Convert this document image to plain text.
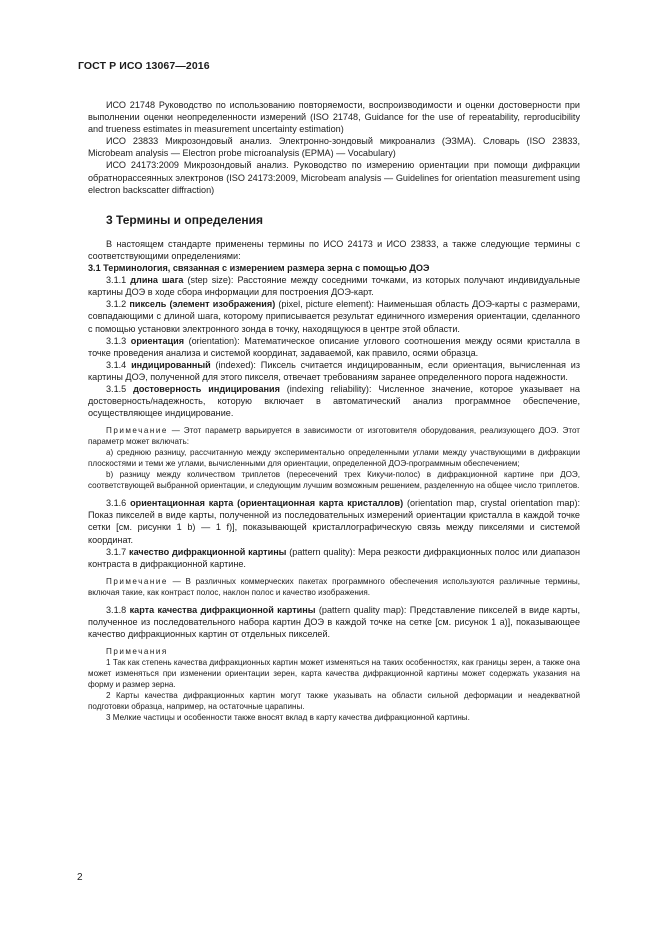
ГОСТ Р ИСО 13067—2016

ИСО 21748 Руководство по использованию повторяемости, воспроизводимости и оценки достоверности при выполнении оценки неопределенности измерений (ISO 21748, Guidance for the use of repeatability, reproducibility and trueness estimates in measurement uncertainty estimation)

ИСО 23833 Микрозондовый анализ. Электронно-зондовый микроанализ (ЭЗМА). Словарь (ISO 23833, Microbeam analysis — Electron probe microanalysis (EPMA) — Vocabulary)

ИСО 24173:2009 Микрозондовый анализ. Руководство по измерению ориентации при помощи дифракции обратнорассеянных электронов (ISO 24173:2009, Microbeam analysis — Guidelines for orientation measurement using electron backscatter diffraction)

3 Термины и определения

В настоящем стандарте применены термины по ИСО 24173 и ИСО 23833, а также следующие термины с соответствующими определениями:

3.1 Терминология, связанная с измерением размера зерна с помощью ДОЭ

3.1.1 длина шага (step size): Расстояние между соседними точками, из которых получают индивидуальные картины ДОЭ в ходе сбора информации для построения ДОЭ-карт.

3.1.2 пиксель (элемент изображения) (pixel, picture element): Наименьшая область ДОЭ-карты с размерами, совпадающими с длиной шага, которому приписывается результат единичного измерения ориентации, сделанного с помощью установки электронного зонда в точку, находящуюся в центре этой области.

3.1.3 ориентация (orientation): Математическое описание углового соотношения между осями кристалла в точке проведения анализа и системой координат, задаваемой, как правило, осями образца.

3.1.4 индицированный (indexed): Пиксель считается индицированным, если ориентация, вычисленная из картины ДОЭ, полученной для этого пикселя, отвечает требованиям заранее определенного порога надежности.

3.1.5 достоверность индицирования (indexing reliability): Численное значение, которое указывает на достоверность/надежность, которую включает в автоматический анализ программное обеспечение, осуществляющее индицирование.

Примечание — Этот параметр варьируется в зависимости от изготовителя оборудования, реализующего ДОЭ. Этот параметр может включать:

a) среднюю разницу, рассчитанную между экспериментально определенными углами между участвующими в дифракции плоскостями и теми же углами, вычисленными для ориентации, определенной ДОЭ-программным обеспечением;

b) разницу между количеством триплетов (пересечений трех Кикучи-полос) в дифракционной картине при ДОЭ, соответствующей выбранной ориентации, и следующим лучшим возможным решением, разделенную на общее число триплетов.

3.1.6 ориентационная карта (ориентационная карта кристаллов) (orientation map, crystal orientation map): Показ пикселей в виде карты, полученной из последовательных измерений ориентации кристалла в каждой точке сетки [см. рисунки 1 b) — 1 f)], показывающей кристаллографическую связь между пикселями и системой координат.

3.1.7 качество дифракционной картины (pattern quality): Мера резкости дифракционных полос или диапазон контраста в дифракционной картине.

Примечание — В различных коммерческих пакетах программного обеспечения используются различные термины, включая такие, как контраст полос, наклон полос и качество изображения.

3.1.8 карта качества дифракционной картины (pattern quality map): Представление пикселей в виде карты, полученное из последовательного набора картин ДОЭ в каждой точке на сетке [см. рисунок 1 a)], показывающее качество дифракционных картин от отдельных пикселей.

Примечания

1 Так как степень качества дифракционных картин может изменяться на таких особенностях, как границы зерен, а также она может изменяться при изменении ориентации зерен, карта качества дифракционной картины может содержать указания на форму и размер зерна.

2 Карты качества дифракционных картин могут также указывать на области сильной деформации и неадекватной подготовки образца, например, на остаточные царапины.

3 Мелкие частицы и особенности также вносят вклад в карту качества дифракционной картины.

2
